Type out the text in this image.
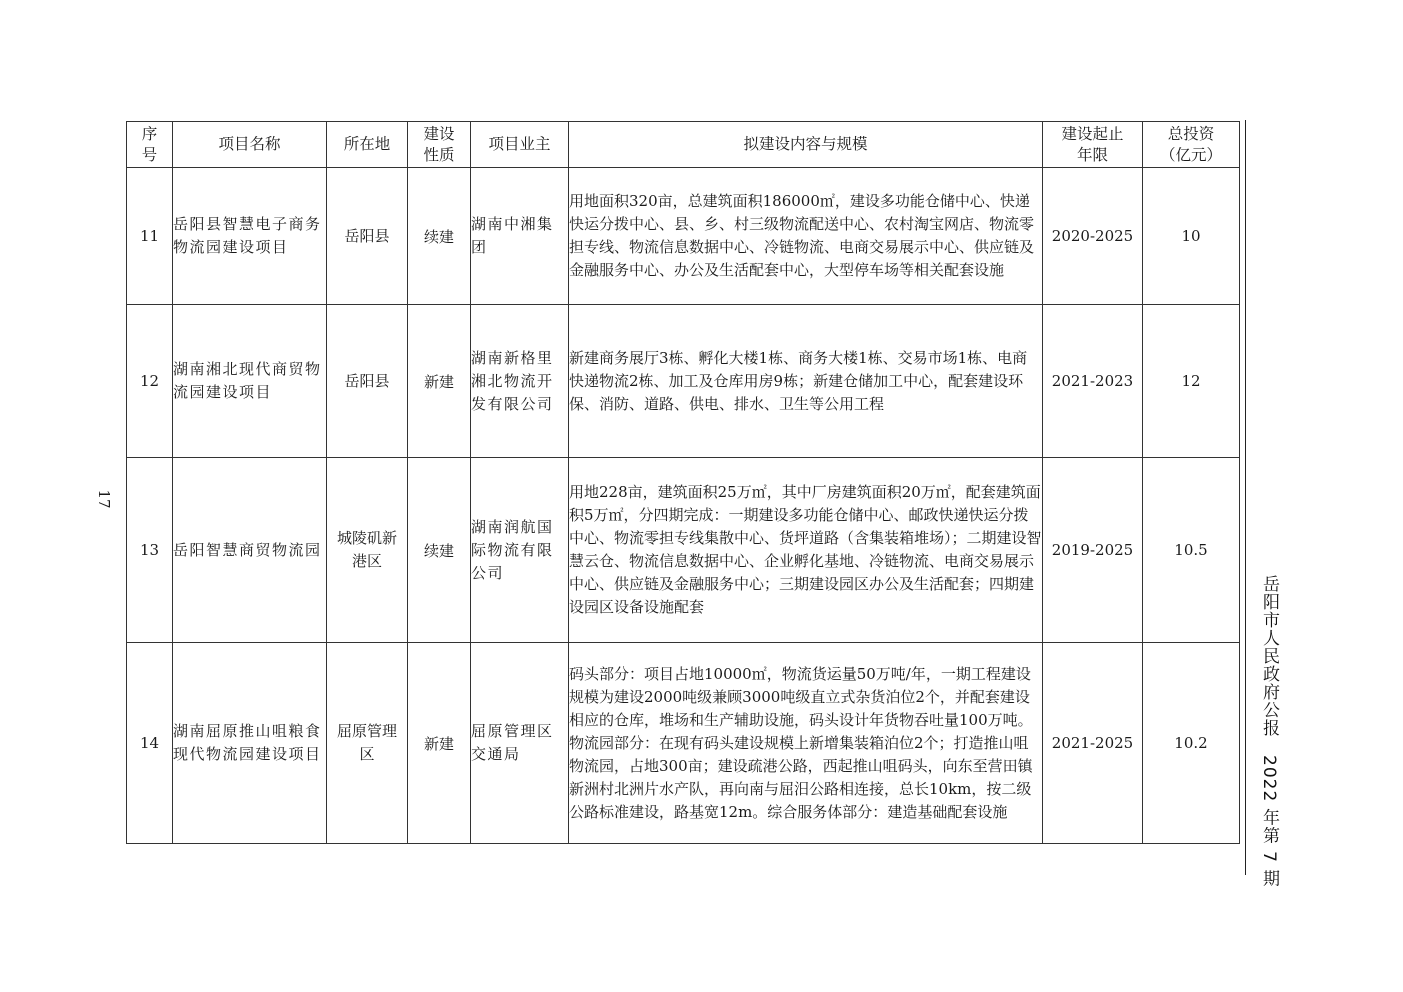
17
岳阳市人民政府公报2022 年第 7 期
序号	项目名称	所在地	建设性质	项目业主	拟建设内容与规模	建设起止年限	总投资（亿元）
11	岳阳县智慧电子商务物流园建设项目	岳阳县	续建	湖南中湘集团	用地面积320亩，总建筑面积186000㎡，建设多功能仓储中心、快递快运分拨中心、县、乡、村三级物流配送中心、农村淘宝网店、物流零担专线、物流信息数据中心、冷链物流、电商交易展示中心、供应链及金融服务中心、办公及生活配套中心，大型停车场等相关配套设施	2020-2025	10
12	湖南湘北现代商贸物流园建设项目	岳阳县	新建	湖南新格里湘北物流开发有限公司	新建商务展厅3栋、孵化大楼1栋、商务大楼1栋、交易市场1栋、电商快递物流2栋、加工及仓库用房9栋；新建仓储加工中心，配套建设环保、消防、道路、供电、排水、卫生等公用工程	2021-2023	12
13	岳阳智慧商贸物流园	城陵矶新港区	续建	湖南润航国际物流有限公司	用地228亩，建筑面积25万㎡，其中厂房建筑面积20万㎡，配套建筑面积5万㎡，分四期完成：一期建设多功能仓储中心、邮政快递快运分拨中心、物流零担专线集散中心、货坪道路（含集装箱堆场）；二期建设智慧云仓、物流信息数据中心、企业孵化基地、冷链物流、电商交易展示中心、供应链及金融服务中心；三期建设园区办公及生活配套；四期建设园区设备设施配套	2019-2025	10.5
14	湖南屈原推山咀粮食现代物流园建设项目	屈原管理区	新建	屈原管理区交通局	码头部分：项目占地10000㎡，物流货运量50万吨/年，一期工程建设规模为建设2000吨级兼顾3000吨级直立式杂货泊位2个，并配套建设相应的仓库，堆场和生产辅助设施，码头设计年货物吞吐量100万吨。物流园部分：在现有码头建设规模上新增集装箱泊位2个；打造推山咀物流园，占地300亩；建设疏港公路，西起推山咀码头，向东至营田镇新洲村北洲片水产队，再向南与屈汨公路相连接，总长10km，按二级公路标准建设，路基宽12m。综合服务体部分：建造基础配套设施	2021-2025	10.2
